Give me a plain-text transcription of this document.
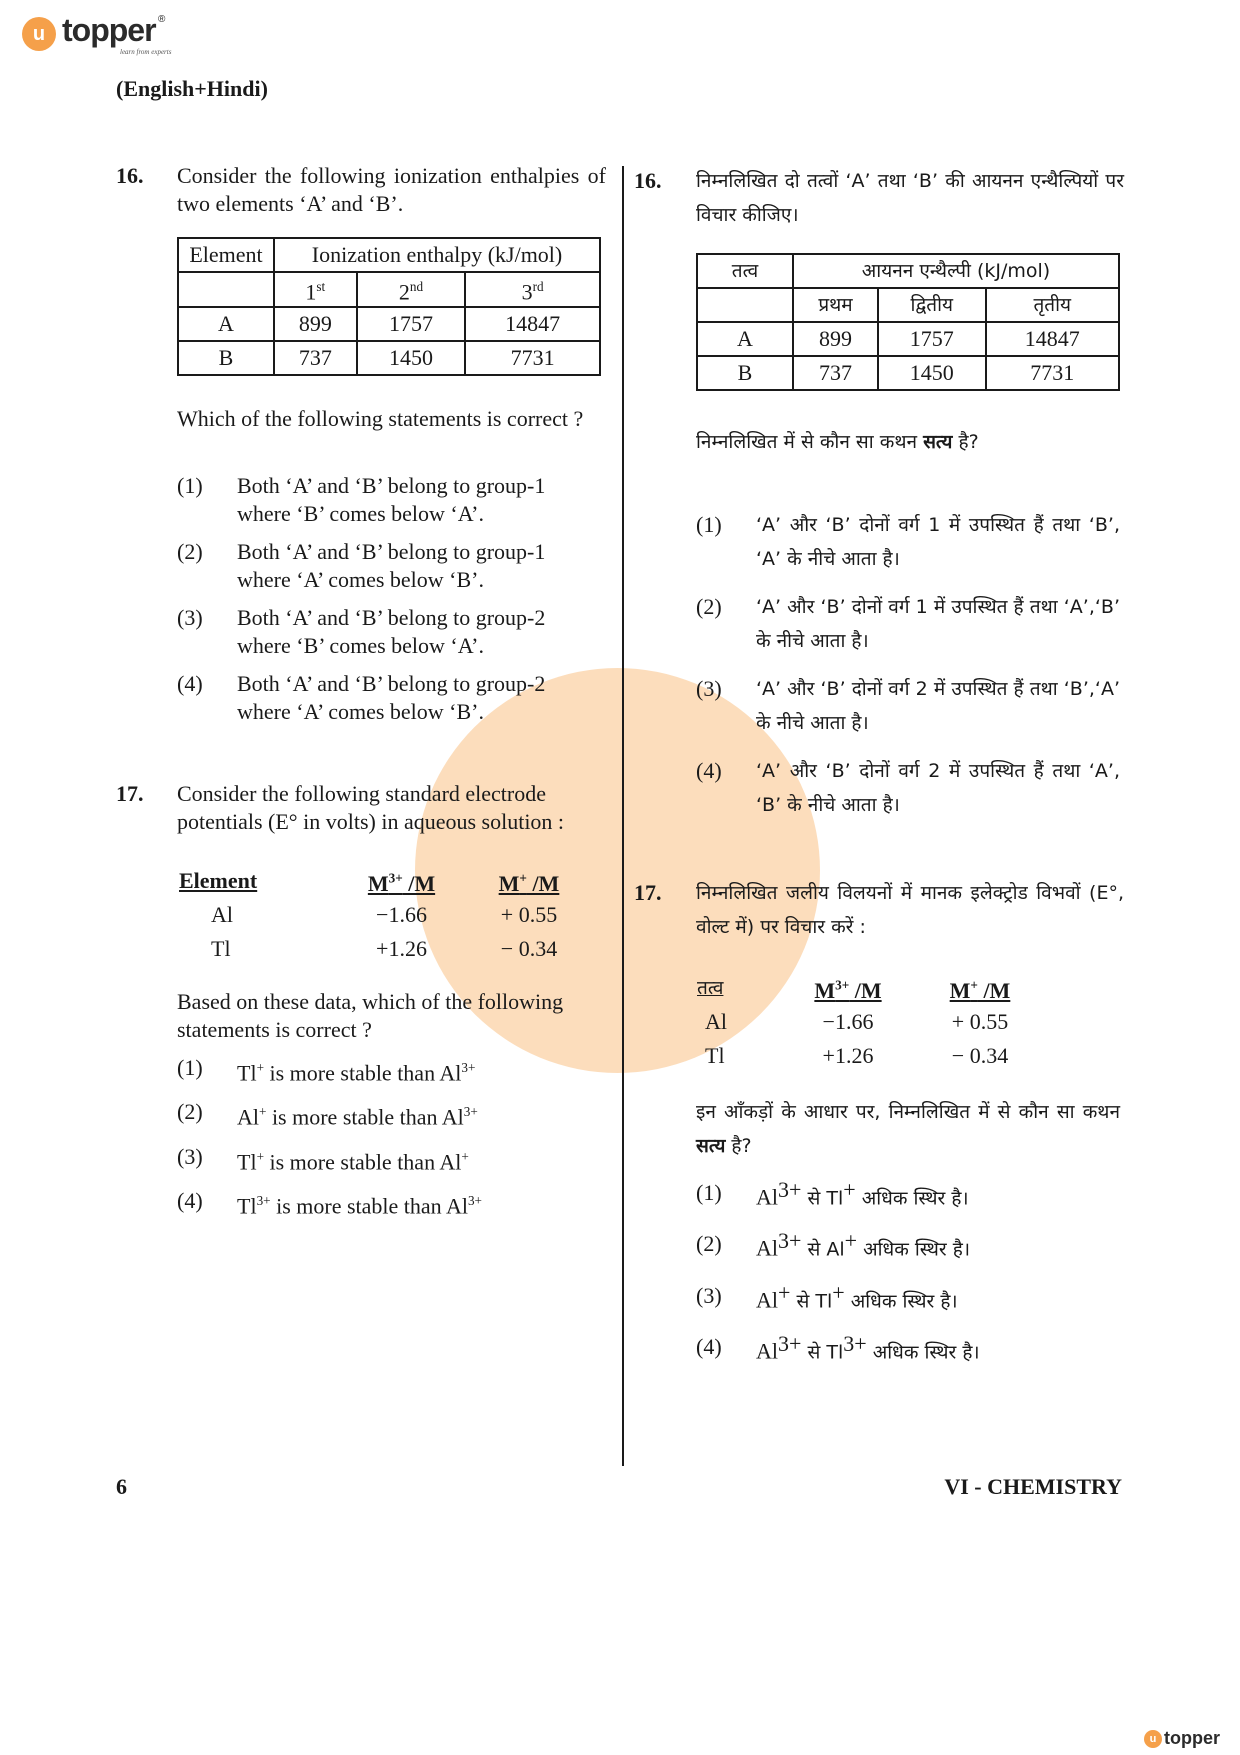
u topper ®
learn from experts
(English+Hindi)
16.	Consider the following ionization enthalpies of two elements ‘A’ and ‘B’.
Element	Ionization enthalpy (kJ/mol)		
	1st	2nd	3rd
A	899	1757	14847
B	737	1450	7731
Which of the following statements is correct ?
(1)	Both ‘A’ and ‘B’ belong to group-1 where ‘B’ comes below ‘A’.
(2)	Both ‘A’ and ‘B’ belong to group-1 where ‘A’ comes below ‘B’.
(3)	Both ‘A’ and ‘B’ belong to group-2 where ‘B’ comes below ‘A’.
(4)	Both ‘A’ and ‘B’ belong to group-2 where ‘A’ comes below ‘B’.
17.	Consider the following standard electrode potentials (E° in volts) in aqueous solution :
Element	$M^{3+}$ /M	M+ /M
Al	−1.66	+ 0.55
Tl	+1.26	− 0.34
Based on these data, which of the following statements is correct ?
(1)	Tl+ is more stable than $Al^{3+}$
(2)	Al+ is more stable than $Al^{3+}$
(3)	Tl+ is more stable than Al+
(4)	$Tl^{3+}$ is more stable than $Al^{3+}$
16.	निम्नलिखित दो तत्वों ‘A’ तथा ‘B’ की आयनन एन्थैल्पियों पर विचार कीजिए।
तत्व	आयनन एन्थैल्पी (kJ/mol)		
	प्रथम	द्वितीय	तृतीय
A	899	1757	14847
B	737	1450	7731
निम्नलिखित में से कौन सा कथन सत्य है?
(1)	‘A’ और ‘B’ दोनों वर्ग 1 में उपस्थित हैं तथा ‘B’, ‘A’ के नीचे आता है।
(2)	‘A’ और ‘B’ दोनों वर्ग 1 में उपस्थित हैं तथा ‘A’,‘B’ के नीचे आता है।
(3)	‘A’ और ‘B’ दोनों वर्ग 2 में उपस्थित हैं तथा ‘B’,‘A’ के नीचे आता है।
(4)	‘A’ और ‘B’ दोनों वर्ग 2 में उपस्थित हैं तथा ‘A’, ‘B’ के नीचे आता है।
17.	निम्नलिखित जलीय विलयनों में मानक इलेक्ट्रोड विभवों (E°, वोल्ट में) पर विचार करें :
तत्व	$M^{3+}$ /M	M+ /M
Al	−1.66	+ 0.55
Tl	+1.26	− 0.34
इन आँकड़ों के आधार पर, निम्नलिखित में से कौन सा कथन सत्य है?
(1)	$Al^{3+}$ से Tl+ अधिक स्थिर है।
(2)	$Al^{3+}$ से Al+ अधिक स्थिर है।
(3)	Al+ से Tl+ अधिक स्थिर है।
(4)	$Al^{3+}$ से $Tl^{3+}$ अधिक स्थिर है।
6	VI - CHEMISTRY
u topper
